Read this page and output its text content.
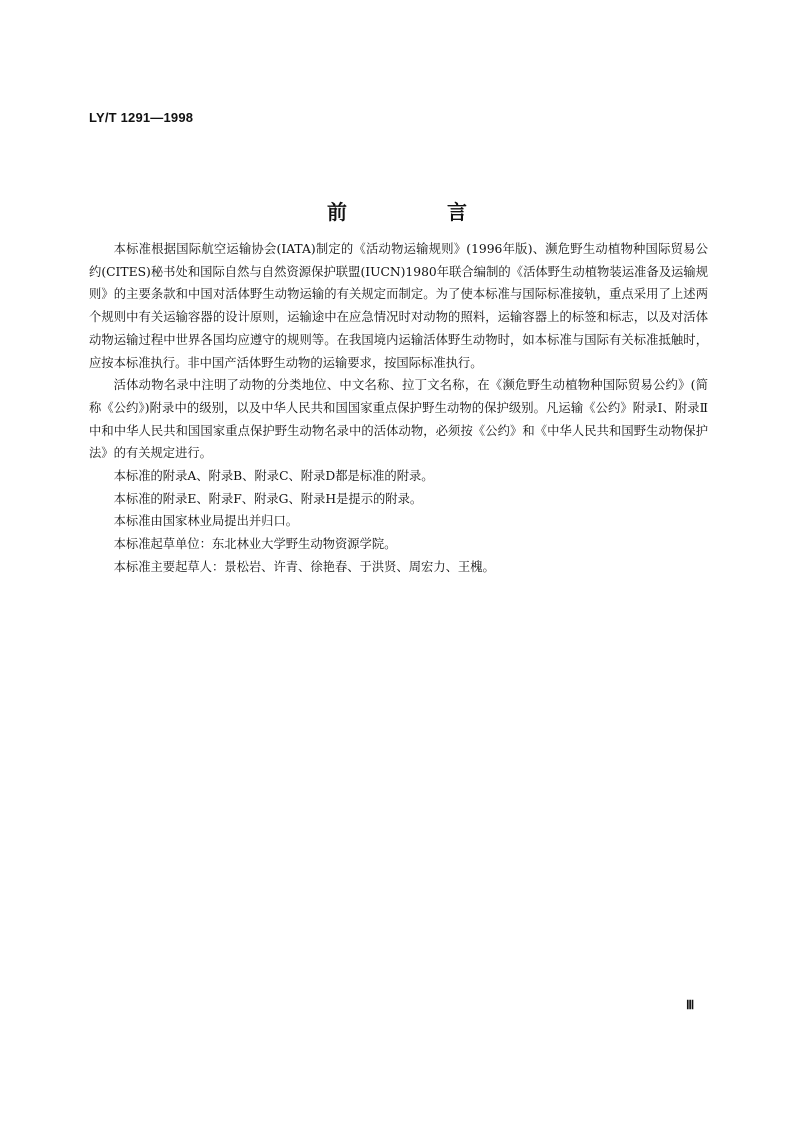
LY/T 1291—1998
前　言

本标准根据国际航空运输协会(IATA)制定的《活动物运输规则》(1996年版)、濒危野生动植物种国际贸易公约(CITES)秘书处和国际自然与自然资源保护联盟(IUCN)1980年联合编制的《活体野生动植物装运准备及运输规则》的主要条款和中国对活体野生动物运输的有关规定而制定。为了使本标准与国际标准接轨，重点采用了上述两个规则中有关运输容器的设计原则，运输途中在应急情况时对动物的照料，运输容器上的标签和标志，以及对活体动物运输过程中世界各国均应遵守的规则等。在我国境内运输活体野生动物时，如本标准与国际有关标准抵触时，应按本标准执行。非中国产活体野生动物的运输要求，按国际标准执行。

活体动物名录中注明了动物的分类地位、中文名称、拉丁文名称，在《濒危野生动植物种国际贸易公约》(简称《公约》)附录中的级别，以及中华人民共和国国家重点保护野生动物的保护级别。凡运输《公约》附录Ⅰ、附录Ⅱ中和中华人民共和国国家重点保护野生动物名录中的活体动物，必须按《公约》和《中华人民共和国野生动物保护法》的有关规定进行。

本标准的附录A、附录B、附录C、附录D都是标准的附录。

本标准的附录E、附录F、附录G、附录H是提示的附录。

本标准由国家林业局提出并归口。

本标准起草单位：东北林业大学野生动物资源学院。

本标准主要起草人：景松岩、许青、徐艳春、于洪贤、周宏力、王槐。

Ⅲ
